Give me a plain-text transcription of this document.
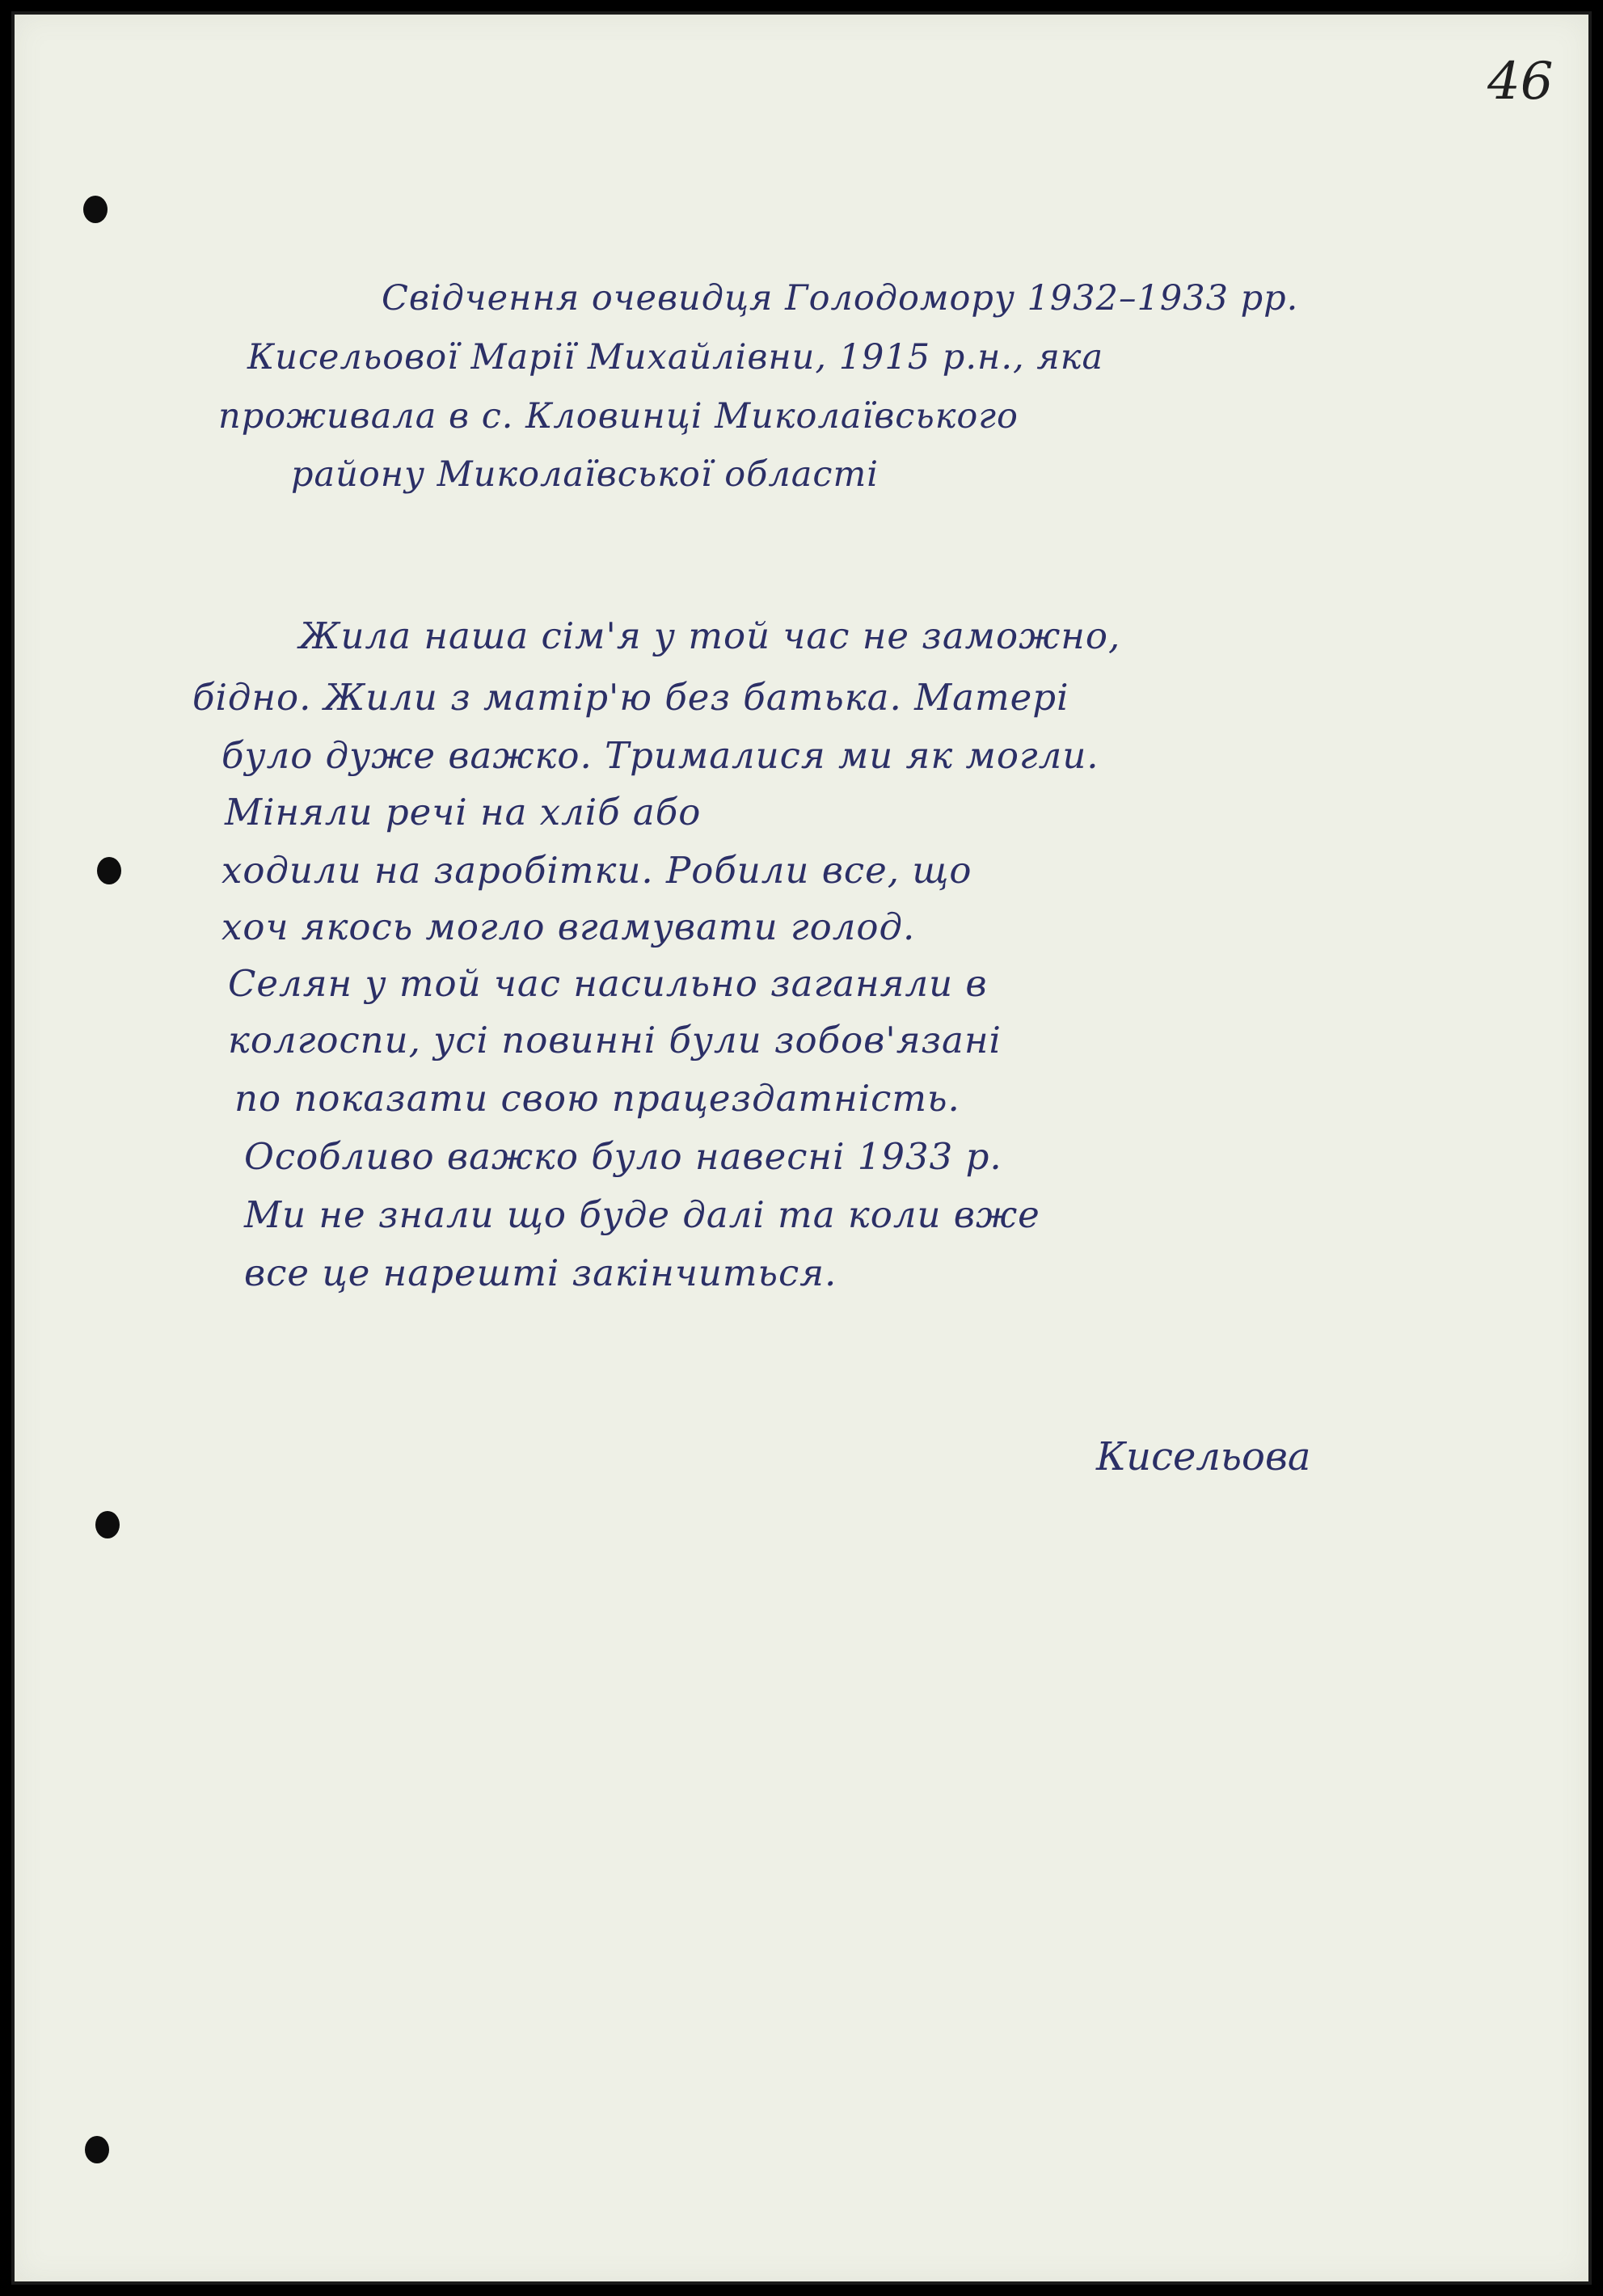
46
Свідчення очевидця Голодомору 1932–1933 рр.
Кисельової Марії Михайлівни, 1915 р.н., яка
проживала в с. Кловинці Миколаївського
району Миколаївської області
Жила наша сім'я у той час не заможно,
бідно. Жили з матір'ю без батька. Матері
було дуже важко. Трималися ми як могли.
Міняли речі на хліб або
ходили на заробітки. Робили все, що
хоч якось могло вгамувати голод.
Селян у той час насильно заганяли в
колгоспи, усі повинні були зобов'язані
по показати свою працездатність.
Особливо важко було навесні 1933 р.
Ми не знали що буде далі та коли вже
все це нарешті закінчиться.
Кисельова
